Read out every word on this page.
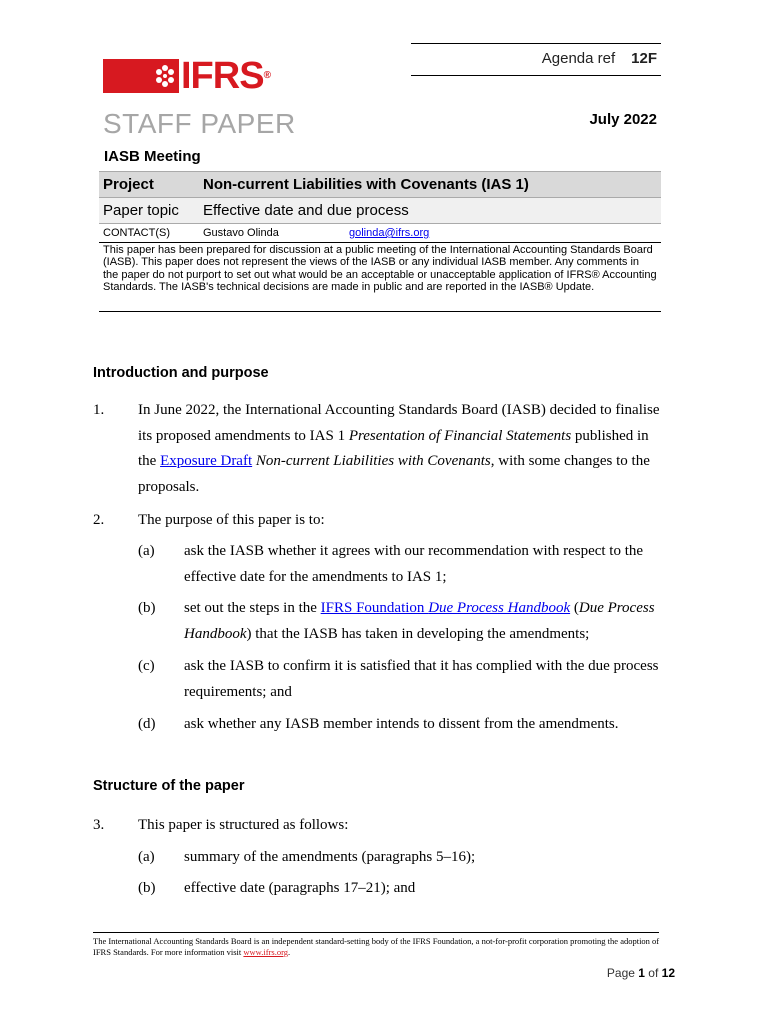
Agenda ref 12F
IFRS®
STAFF PAPER	July 2022
IASB Meeting
Project	Non-current Liabilities with Covenants (IAS 1)	
Paper topic	Effective date and due process	
CONTACT(S)	Gustavo Olinda	golinda@ifrs.org
This paper has been prepared for discussion at a public meeting of the International Accounting Standards Board (IASB). This paper does not represent the views of the IASB or any individual IASB member. Any comments in the paper do not purport to set out what would be an acceptable or unacceptable application of IFRS® Accounting Standards. The IASB's technical decisions are made in public and are reported in the IASB® Update.
Introduction and purpose
1. In June 2022, the International Accounting Standards Board (IASB) decided to finalise its proposed amendments to IAS 1 Presentation of Financial Statements published in the Exposure Draft Non-current Liabilities with Covenants, with some changes to the proposals.
2. The purpose of this paper is to:
(a) ask the IASB whether it agrees with our recommendation with respect to the effective date for the amendments to IAS 1;
(b) set out the steps in the IFRS Foundation Due Process Handbook (Due Process Handbook) that the IASB has taken in developing the amendments;
(c) ask the IASB to confirm it is satisfied that it has complied with the due process requirements; and
(d) ask whether any IASB member intends to dissent from the amendments.
Structure of the paper
3. This paper is structured as follows:
(a) summary of the amendments (paragraphs 5–16);
(b) effective date (paragraphs 17–21); and
The International Accounting Standards Board is an independent standard-setting body of the IFRS Foundation, a not-for-profit corporation promoting the adoption of IFRS Standards. For more information visit www.ifrs.org.
Page 1 of 12
